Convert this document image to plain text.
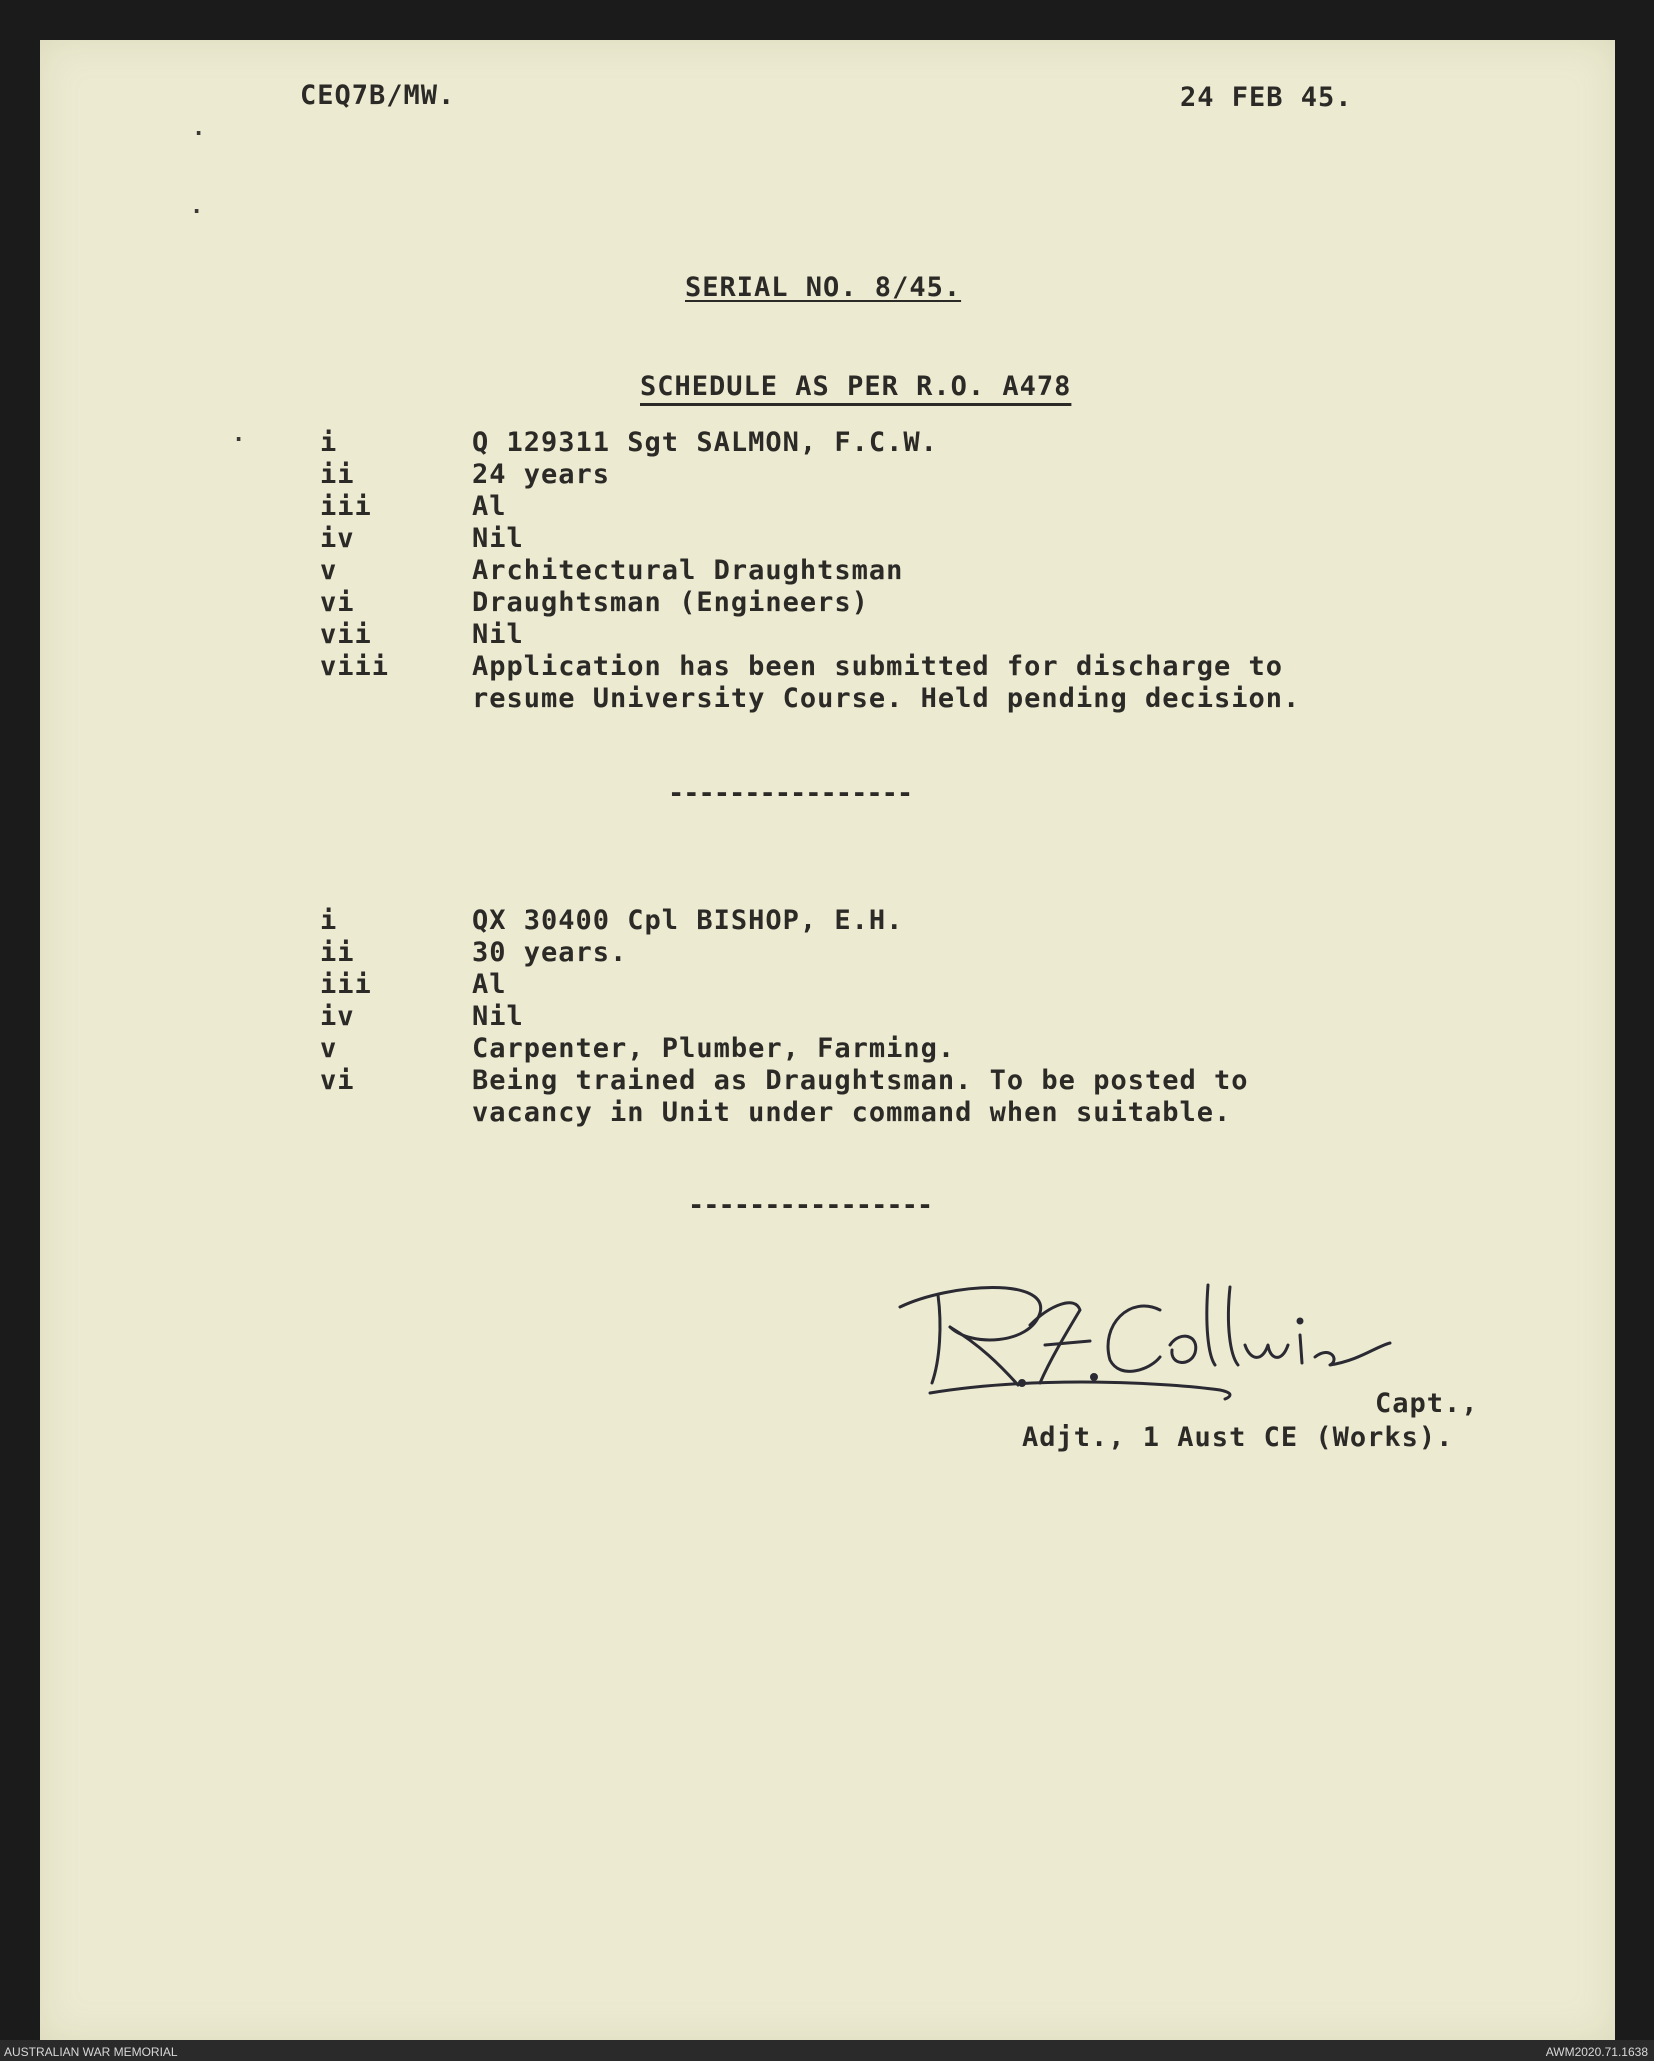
·
·
·
CEQ7B/MW.	24 FEB 45.

SERIAL NO. 8/45.

SCHEDULE AS PER R.O. A478

i	Q 129311 Sgt SALMON, F.C.W.
ii	24 years
iii	Al
iv	Nil
v	Architectural Draughtsman
vi	Draughtsman (Engineers)
vii	Nil
viii	Application has been submitted for discharge to resume University Course. Held pending decision.
----------------
i	QX 30400 Cpl BISHOP, E.H.
ii	30 years.
iii	Al
iv	Nil
v	Carpenter, Plumber, Farming.
vi	Being trained as Draughtsman. To be posted to vacancy in Unit under command when suitable.
----------------
Capt.,
Adjt., 1 Aust CE (Works).
AUSTRALIAN WAR MEMORIAL	AWM2020.71.1638
